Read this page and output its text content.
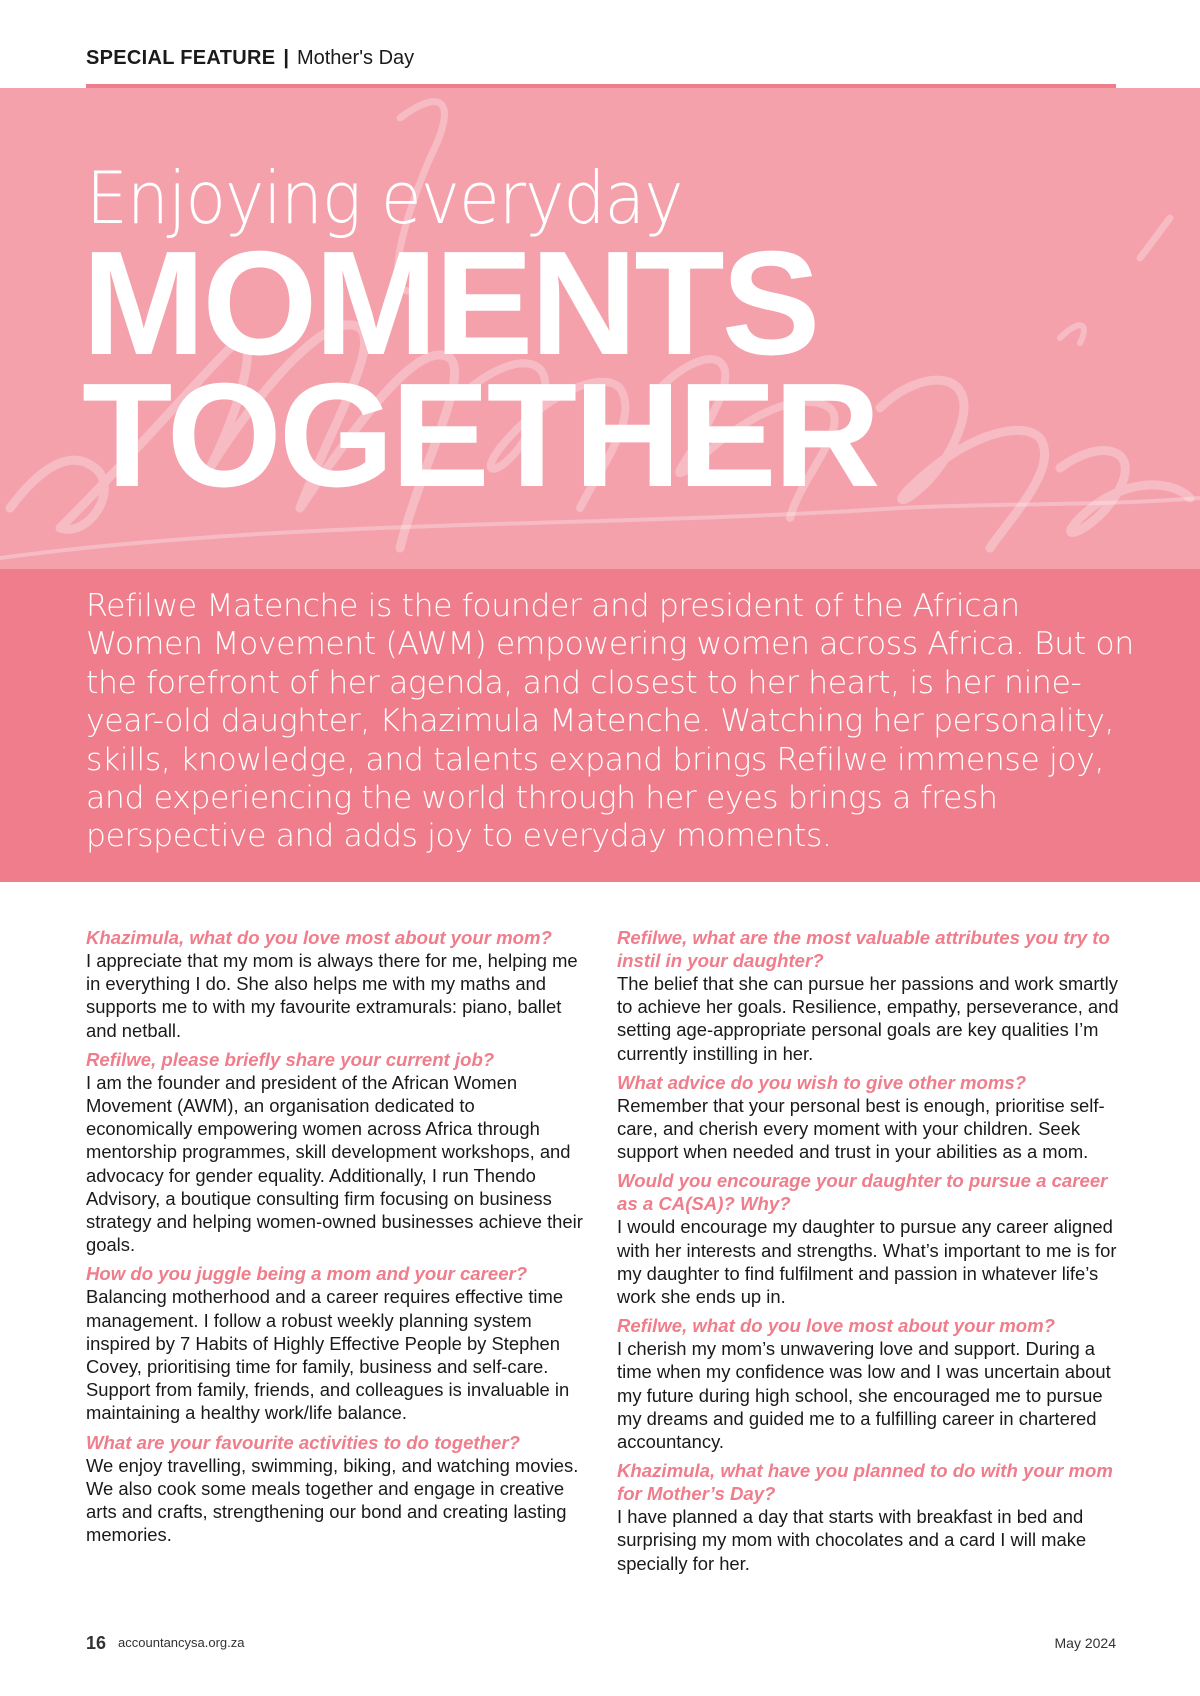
SPECIAL FEATURE | Mother's Day
Enjoying everyday
MOMENTS
TOGETHER

Refilwe Matenche is the founder and president of the African Women Movement (AWM) empowering women across Africa. But on the forefront of her agenda, and closest to her heart, is her nine-year-old daughter, Khazimula Matenche. Watching her personality, skills, knowledge, and talents expand brings Refilwe immense joy, and experiencing the world through her eyes brings a fresh perspective and adds joy to everyday moments.

Khazimula, what do you love most about your mom?
I appreciate that my mom is always there for me, helping me in everything I do. She also helps me with my maths and supports me to with my favourite extramurals: piano, ballet and netball.
Refilwe, please briefly share your current job?
I am the founder and president of the African Women Movement (AWM), an organisation dedicated to economically empowering women across Africa through mentorship programmes, skill development workshops, and advocacy for gender equality. Additionally, I run Thendo Advisory, a boutique consulting firm focusing on business strategy and helping women-owned businesses achieve their goals.
How do you juggle being a mom and your career?
Balancing motherhood and a career requires effective time management. I follow a robust weekly planning system inspired by 7 Habits of Highly Effective People by Stephen Covey, prioritising time for family, business and self-care. Support from family, friends, and colleagues is invaluable in maintaining a healthy work/life balance.
What are your favourite activities to do together?
We enjoy travelling, swimming, biking, and watching movies. We also cook some meals together and engage in creative arts and crafts, strengthening our bond and creating lasting memories.
Refilwe, what are the most valuable attributes you try to instil in your daughter?
The belief that she can pursue her passions and work smartly to achieve her goals. Resilience, empathy, perseverance, and setting age-appropriate personal goals are key qualities I’m currently instilling in her.
What advice do you wish to give other moms?
Remember that your personal best is enough, prioritise self-care, and cherish every moment with your children. Seek support when needed and trust in your abilities as a mom.
Would you encourage your daughter to pursue a career as a CA(SA)? Why?
I would encourage my daughter to pursue any career aligned with her interests and strengths. What’s important to me is for my daughter to find fulfilment and passion in whatever life’s work she ends up in.
Refilwe, what do you love most about your mom?
I cherish my mom’s unwavering love and support. During a time when my confidence was low and I was uncertain about my future during high school, she encouraged me to pursue my dreams and guided me to a fulfilling career in chartered accountancy.
Khazimula, what have you planned to do with your mom for Mother’s Day?
I have planned a day that starts with breakfast in bed and surprising my mom with chocolates and a card I will make specially for her.
16 accountancysa.org.za	May 2024
